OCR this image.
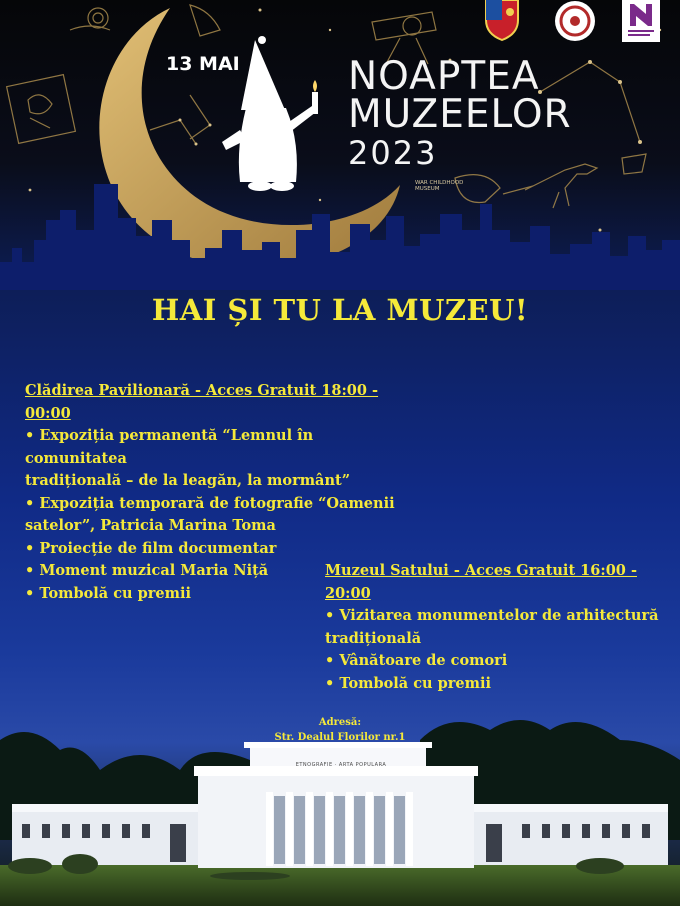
13 MAI	NOAPTEA
MUZEELOR
2023
WAR CHILDHOOD MUSEUM
HAI ȘI TU LA MUZEU!
Clădirea Pavilionară - Acces Gratuit 18:00 - 00:00
• Expoziția permanentă “Lemnul în comunitatea
tradițională – de la leagăn, la mormânt”
• Expoziția temporară de fotografie “Oamenii
satelor”, Patricia Marina Toma
• Proiecție de film documentar
• Moment muzical Maria Niță
• Tombolă cu premii
Muzeul Satului - Acces Gratuit 16:00 - 20:00
• Vizitarea monumentelor de arhitectură
tradițională
• Vânătoare de comori
• Tombolă cu premii
ETNOGRAFIE · ARTA POPULARA
Adresă:
Str. Dealul Florilor nr.1
